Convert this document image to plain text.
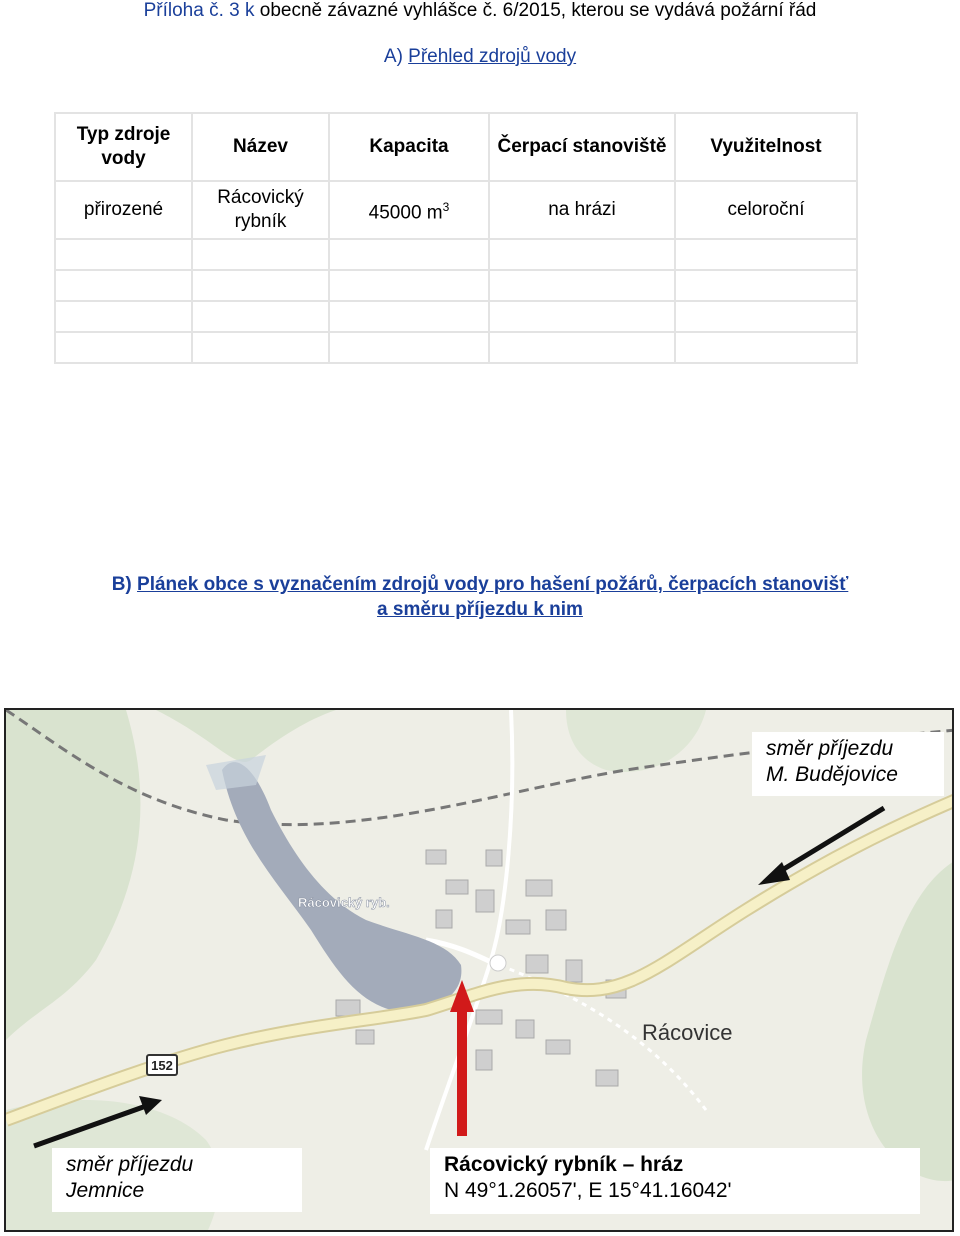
Příloha č. 3 k obecně závazné vyhlášce č. 6/2015, kterou se vydává požární řád
A) Přehled zdrojů vody
Typ zdroje vody	Název	Kapacita	Čerpací stanoviště	Využitelnost
přirozené	Rácovický rybník	45000 $m^3$	na hrázi	celoroční

B) Plánek obce s vyznačením zdrojů vody pro hašení požárů, čerpacích stanovišť
a směru příjezdu k nim
152
Rácovický ryb.
Rácovice
směr příjezdu
M. Budějovice
směr příjezdu
Jemnice
Rácovický rybník – hráz
N 49°1.26057', E 15°41.16042'
